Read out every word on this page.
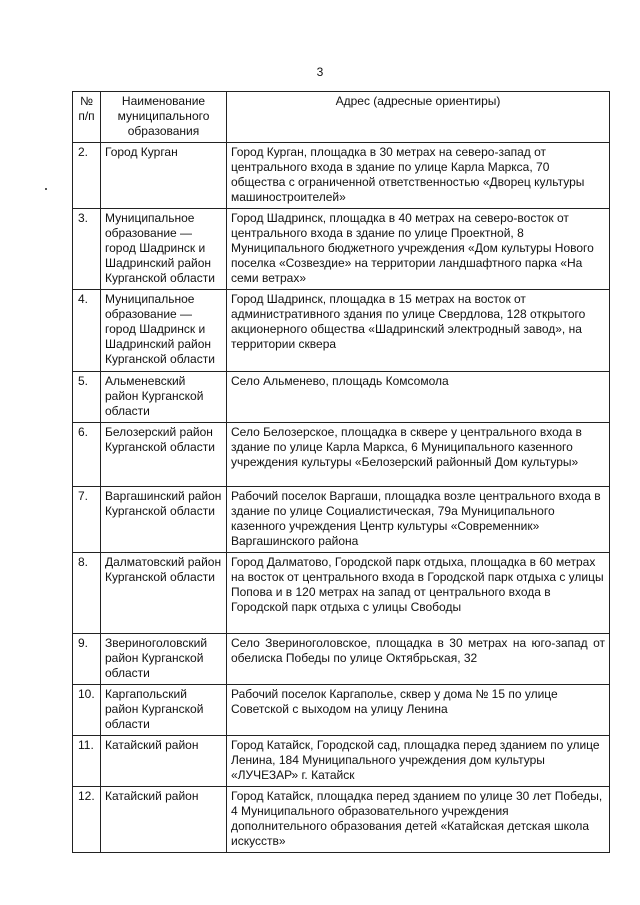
3
№ п/п	Наименование муниципального образования	Адрес (адресные ориентиры)
2.	Город Курган	Город Курган, площадка в 30 метрах на северо-запад от центрального входа в здание по улице Карла Маркса, 70 общества с ограниченной ответственностью «Дворец культуры машиностроителей»
3.	Муниципальное образование — город Шадринск и Шадринский район Курганской области	Город Шадринск, площадка в 40 метрах на северо-восток от центрального входа в здание по улице Проектной, 8 Муниципального бюджетного учреждения «Дом культуры Нового поселка «Созвездие» на территории ландшафтного парка «На семи ветрах»
4.	Муниципальное образование — город Шадринск и Шадринский район Курганской области	Город Шадринск, площадка в 15 метрах на восток от административного здания по улице Свердлова, 128 открытого акционерного общества «Шадринский электродный завод», на территории сквера
5.	Альменевский район Курганской области	Село Альменево, площадь Комсомола
6.	Белозерский район Курганской области	Село Белозерское, площадка в сквере у центрального входа в здание по улице Карла Маркса, 6 Муниципального казенного учреждения культуры «Белозерский районный Дом культуры»
7.	Варгашинский район Курганской области	Рабочий поселок Варгаши, площадка возле центрального входа в здание по улице Социалистическая, 79а Муниципального казенного учреждения Центр культуры «Современник» Варгашинского района
8.	Далматовский район Курганской области	Город Далматово, Городской парк отдыха, площадка в 60 метрах на восток от центрального входа в Городской парк отдыха с улицы Попова и в 120 метрах на запад от центрального входа в Городской парк отдыха с улицы Свободы
9.	Звериноголовский район Курганской области	Село Звериноголовское, площадка в 30 метрах на юго-запад от обелиска Победы по улице Октябрьская, 32
10.	Каргапольский район Курганской области	Рабочий поселок Каргаполье, сквер у дома № 15 по улице Советской с выходом на улицу Ленина
11.	Катайский район	Город Катайск, Городской сад, площадка перед зданием по улице Ленина, 184 Муниципального учреждения дом культуры «ЛУЧЕЗАР» г. Катайск
12.	Катайский район	Город Катайск, площадка перед зданием по улице 30 лет Победы, 4 Муниципального образовательного учреждения дополнительного образования детей «Катайская детская школа искусств»
